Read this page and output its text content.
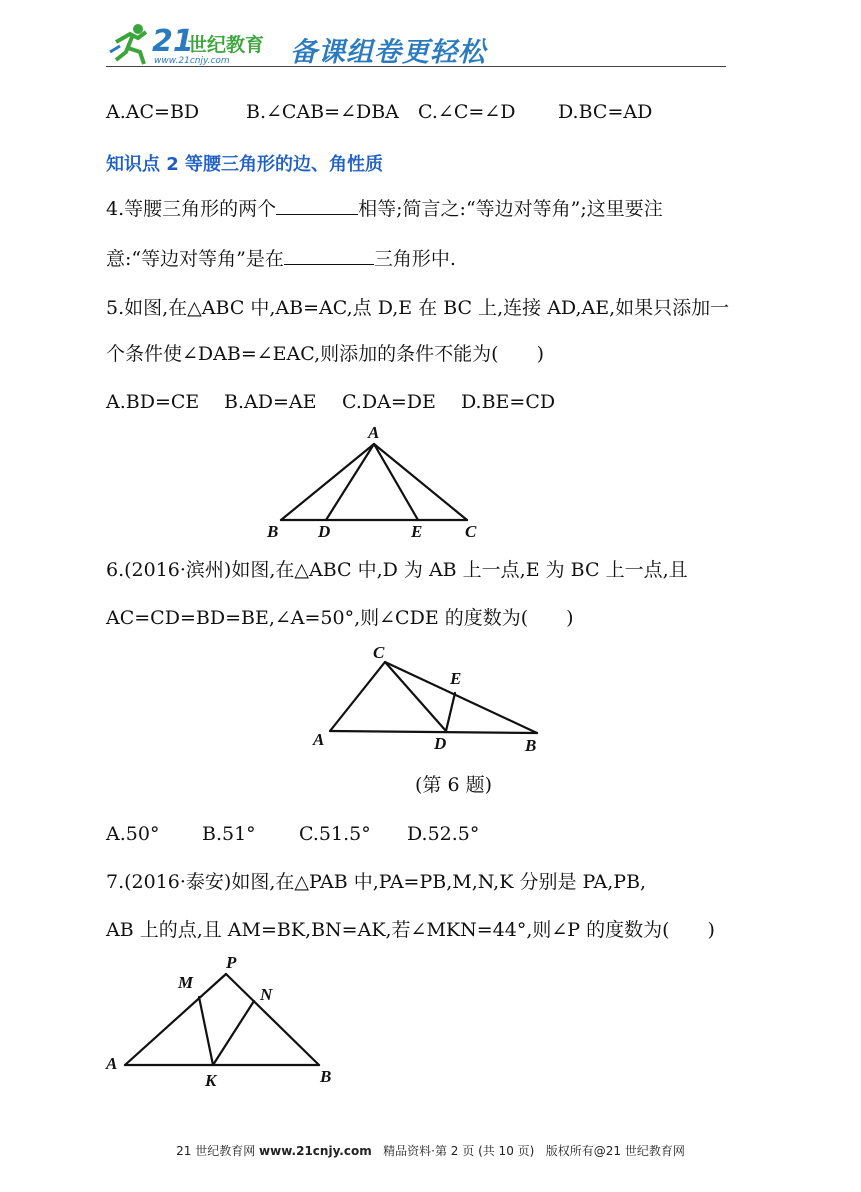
21
世纪教育
www.21cnjy.com 备课组卷更轻松
A.AC=BD B.∠CAB=∠DBA C.∠C=∠D D.BC=AD
知识点 2 等腰三角形的边、角性质
4.等腰三角形的两个	相等;简言之:“等边对等角”;这里要注
意:“等边对等角”是在	三角形中.
5.如图,在△ABC 中,AB=AC,点 D,E 在 BC 上,连接 AD,AE,如果只添加一
个条件使∠DAB=∠EAC,则添加的条件不能为(　　)
A.BD=CE B.AD=AE C.DA=DE D.BE=CD
A
B D	E	C
6.(2016·滨州)如图,在△ABC 中,D 为 AB 上一点,E 为 BC 上一点,且
AC=CD=BD=BE,∠A=50°,则∠CDE 的度数为(　　)
C
E
A	D	B
(第 6 题)
A.50° B.51° C.51.5° D.52.5°
7.(2016·泰安)如图,在△PAB 中,PA=PB,M,N,K 分别是 PA,PB,
AB 上的点,且 AM=BK,BN=AK,若∠MKN=44°,则∠P 的度数为(　　)
M
P
N
A
K	B
21 世纪教育网 www.21cnjy.com 精品资料·第 2 页 (共 10 页) 版权所有@21 世纪教育网
